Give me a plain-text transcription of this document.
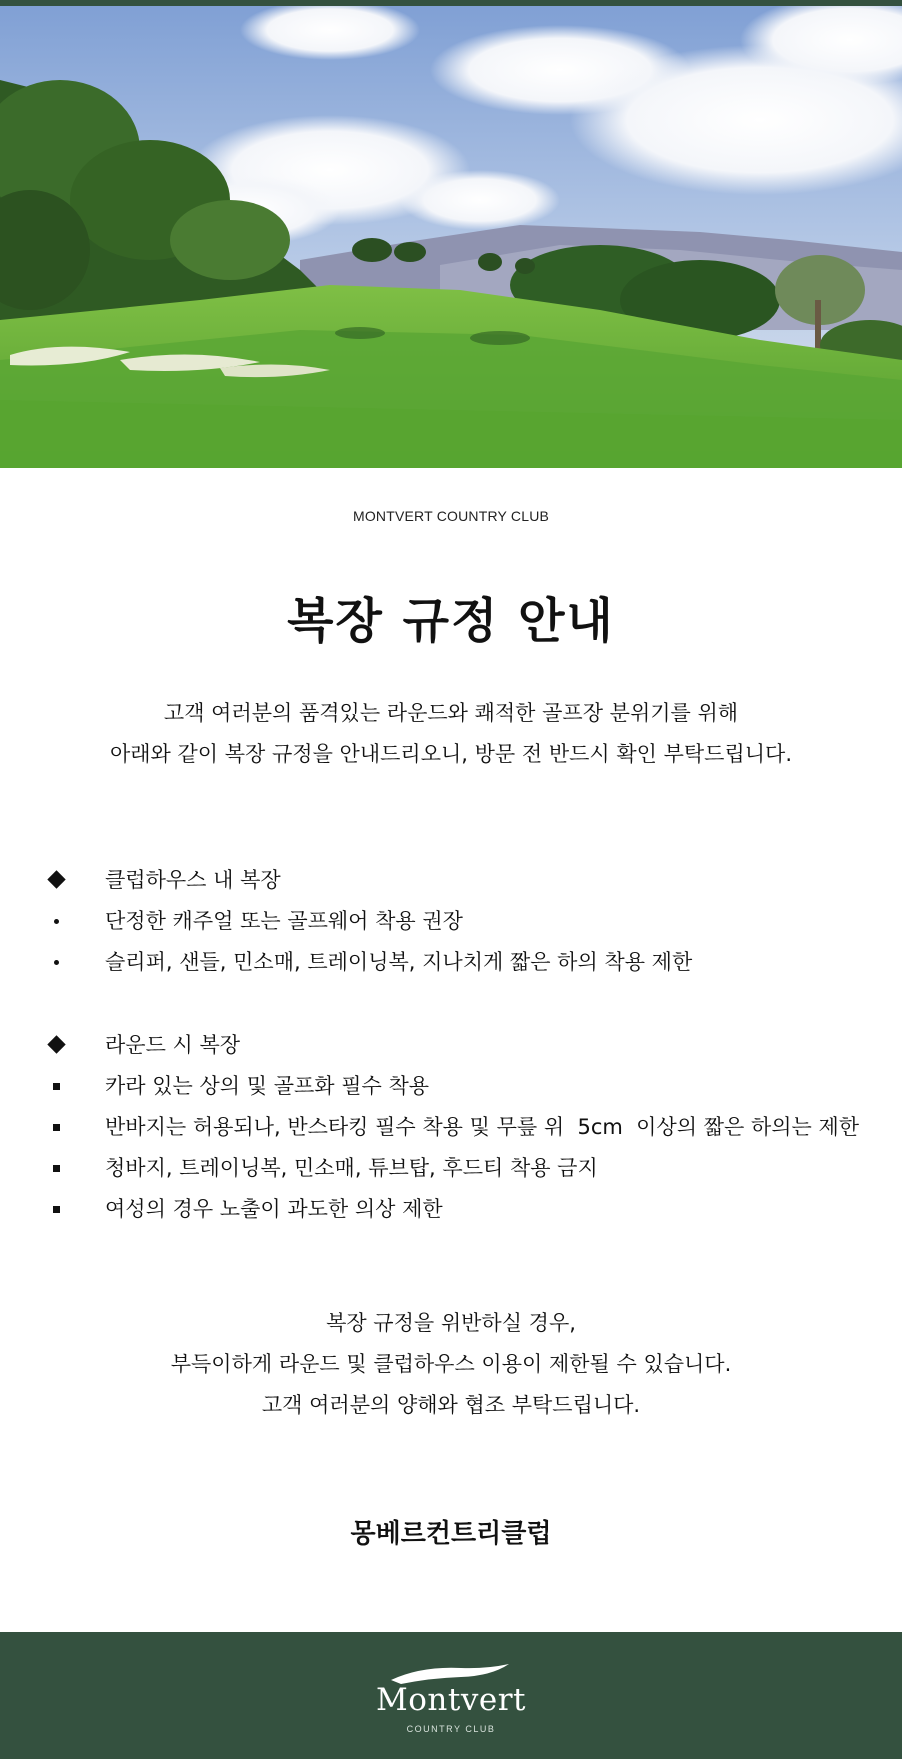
MONTVERT COUNTRY CLUB
복장 규정 안내
고객 여러분의 품격있는 라운드와 쾌적한 골프장 분위기를 위해
아래와 같이 복장 규정을 안내드리오니, 방문 전 반드시 확인 부탁드립니다.
클럽하우스 내 복장
단정한 캐주얼 또는 골프웨어 착용 권장
슬리퍼, 샌들, 민소매, 트레이닝복, 지나치게 짧은 하의 착용 제한
라운드 시 복장
카라 있는 상의 및 골프화 필수 착용
반바지는 허용되나, 반스타킹 필수 착용 및 무릎 위  5cm  이상의 짧은 하의는 제한
청바지, 트레이닝복, 민소매, 튜브탑, 후드티 착용 금지
여성의 경우 노출이 과도한 의상 제한
복장 규정을 위반하실 경우,
부득이하게 라운드 및 클럽하우스 이용이 제한될 수 있습니다.
고객 여러분의 양해와 협조 부탁드립니다.
몽베르컨트리클럽
Montvert
COUNTRY CLUB
